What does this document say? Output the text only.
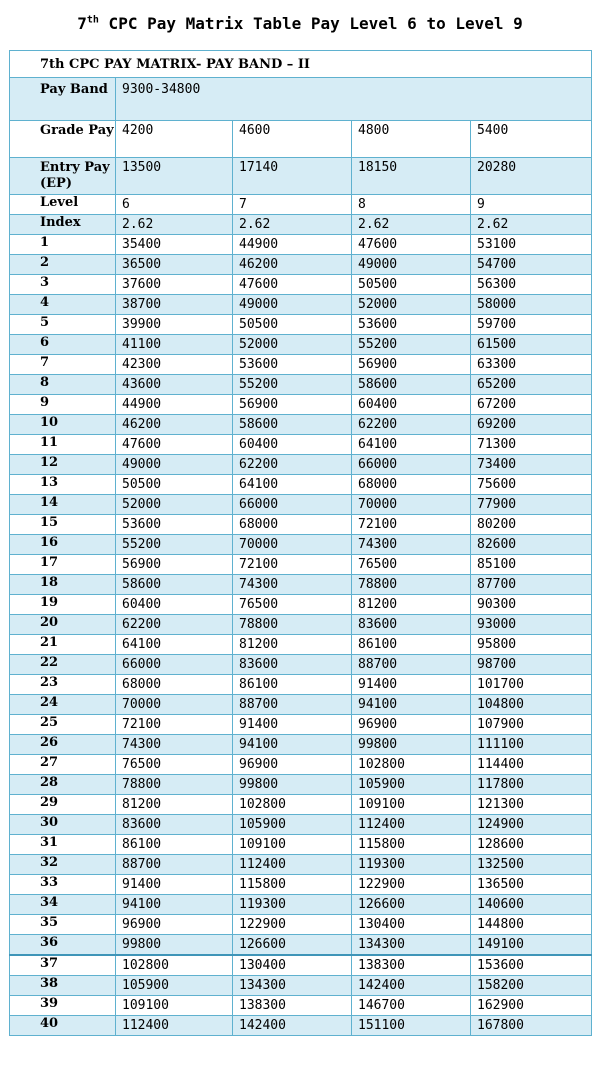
7th CPC Pay Matrix Table Pay Level 6 to Level 9
7th CPC PAY MATRIX- PAY BAND – II				
Pay Band	9300-34800			
Grade Pay	4200	4600	4800	5400
Entry Pay (EP)	13500	17140	18150	20280
Level	6	7	8	9
Index	2.62	2.62	2.62	2.62
1	35400	44900	47600	53100
2	36500	46200	49000	54700
3	37600	47600	50500	56300
4	38700	49000	52000	58000
5	39900	50500	53600	59700
6	41100	52000	55200	61500
7	42300	53600	56900	63300
8	43600	55200	58600	65200
9	44900	56900	60400	67200
10	46200	58600	62200	69200
11	47600	60400	64100	71300
12	49000	62200	66000	73400
13	50500	64100	68000	75600
14	52000	66000	70000	77900
15	53600	68000	72100	80200
16	55200	70000	74300	82600
17	56900	72100	76500	85100
18	58600	74300	78800	87700
19	60400	76500	81200	90300
20	62200	78800	83600	93000
21	64100	81200	86100	95800
22	66000	83600	88700	98700
23	68000	86100	91400	101700
24	70000	88700	94100	104800
25	72100	91400	96900	107900
26	74300	94100	99800	111100
27	76500	96900	102800	114400
28	78800	99800	105900	117800
29	81200	102800	109100	121300
30	83600	105900	112400	124900
31	86100	109100	115800	128600
32	88700	112400	119300	132500
33	91400	115800	122900	136500
34	94100	119300	126600	140600
35	96900	122900	130400	144800
36	99800	126600	134300	149100
37	102800	130400	138300	153600
38	105900	134300	142400	158200
39	109100	138300	146700	162900
40	112400	142400	151100	167800
